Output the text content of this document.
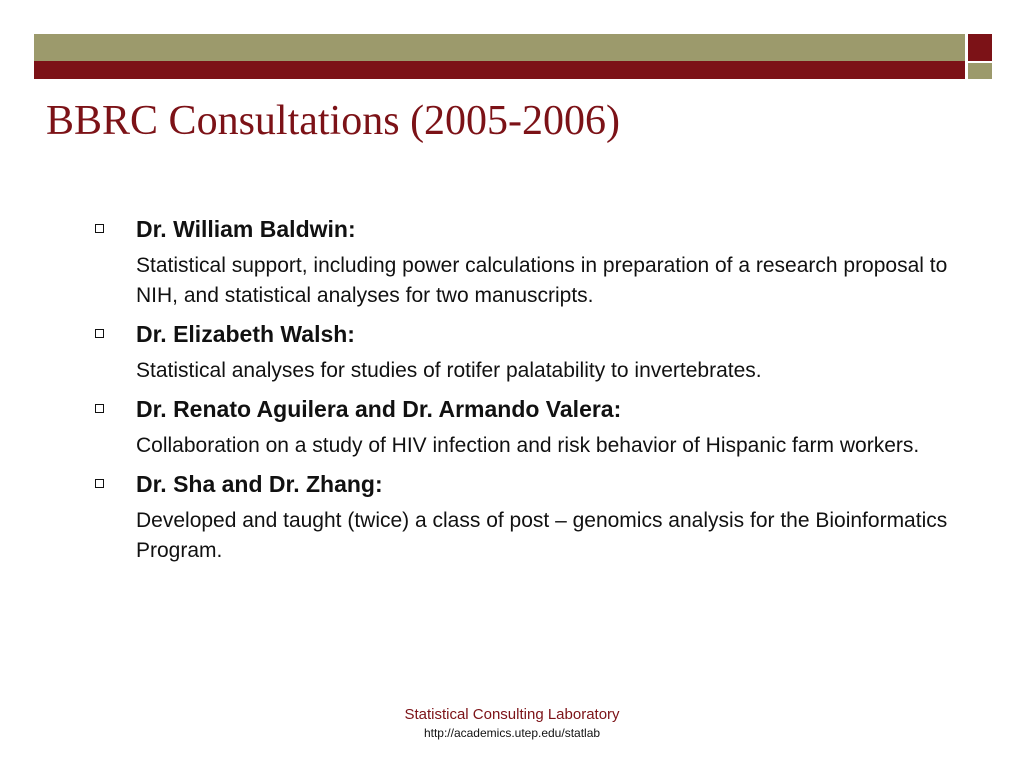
BBRC Consultations (2005-2006)
Dr. William Baldwin:
Statistical support, including power calculations in preparation of a research proposal to NIH, and statistical analyses for two manuscripts.
Dr. Elizabeth Walsh:
Statistical analyses for studies of rotifer palatability to invertebrates.
Dr. Renato Aguilera and Dr. Armando Valera:
Collaboration on a study of HIV infection and risk behavior of Hispanic farm workers.
Dr. Sha and Dr. Zhang:
Developed and taught (twice) a class of post – genomics analysis for the Bioinformatics Program.
Statistical Consulting Laboratory
http://academics.utep.edu/statlab
